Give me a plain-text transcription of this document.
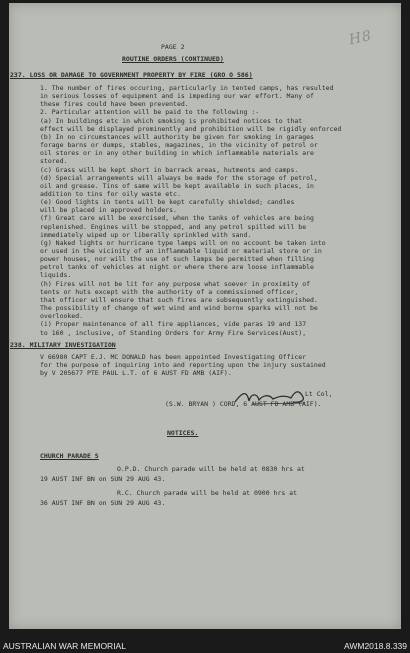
PAGE 2
ROUTINE ORDERS (CONTINUED)
H8
237. LOSS OR DAMAGE TO GOVERNMENT PROPERTY BY FIRE (GRO O 586)
1. The number of fires occuring, particularly in tented camps, has resulted
in serious losses of equipment and is impeding our war effort. Many of
these fires could have been prevented.
2. Particular attention will be paid to the following :-
(a) In buildings etc in which smoking is prohibited notices to that
effect will be displayed prominently and prohibition will be rigidly enforced
(b) In no circumstances will authority be given for smoking in garages
forage barns or dumps, stables, magazines, in the vicinity of petrol or
oil stores or in any other building in which inflammable materials are
stored.
(c) Grass will be kept short in barrack areas, hutments and camps.
(d) Special arrangements will always be made for the storage of petrol,
oil and grease. Tins of same will be kept available in such places, in
addition to tins for oily waste etc.
(e) Good lights in tents will be kept carefully shielded; candles
will be placed in approved holders.
(f) Great care will be exercised, when the tanks of vehicles are being
replenished. Engines will be stopped, and any petrol spilled will be
immediately wiped up or liberally sprinkled with sand.
(g) Naked lights or hurricane type lamps will on no account be taken into
or used in the vicinity of an inflammable liquid or material store or in
power houses, nor will the use of such lamps be permitted when filling
petrol tanks of vehicles at night or where there are loose inflammable
liquids.
(h) Fires will not be lit for any purpose what soever in proximity of
tents or huts except with the authority of a commissioned officer,
that officer will ensure that such fires are subsequently extinguished.
The possibility of change of wet wind and wind borne sparks will not be
overlooked.
(i) Proper maintenance of all fire appliances, vide paras 19 and 137
to 160 , inclusive, of Standing Orders for Army Fire Services(Aust),
238. MILITARY INVESTIGATION
V 66980 CAPT E.J. MC DONALD has been appointed Investigating Officer
for the purpose of inquiring into and reporting upon the injury sustained
by V 205677 PTE PAUL L.T. of 6 AUST FD AMB (AIF).
Lt Col,
(S.W. BRYAN ) CORD, 6 AUST FD AMB (AIF).
NOTICES.
CHURCH PARADE S
O.P.D. Church parade will be held at 0830 hrs at
19 AUST INF BN on SUN 29 AUG 43.
R.C. Church parade will be held at 0900 hrs at
36 AUST INF BN on SUN 29 AUG 43.
AUSTRALIAN WAR MEMORIAL	AWM2018.8.339
